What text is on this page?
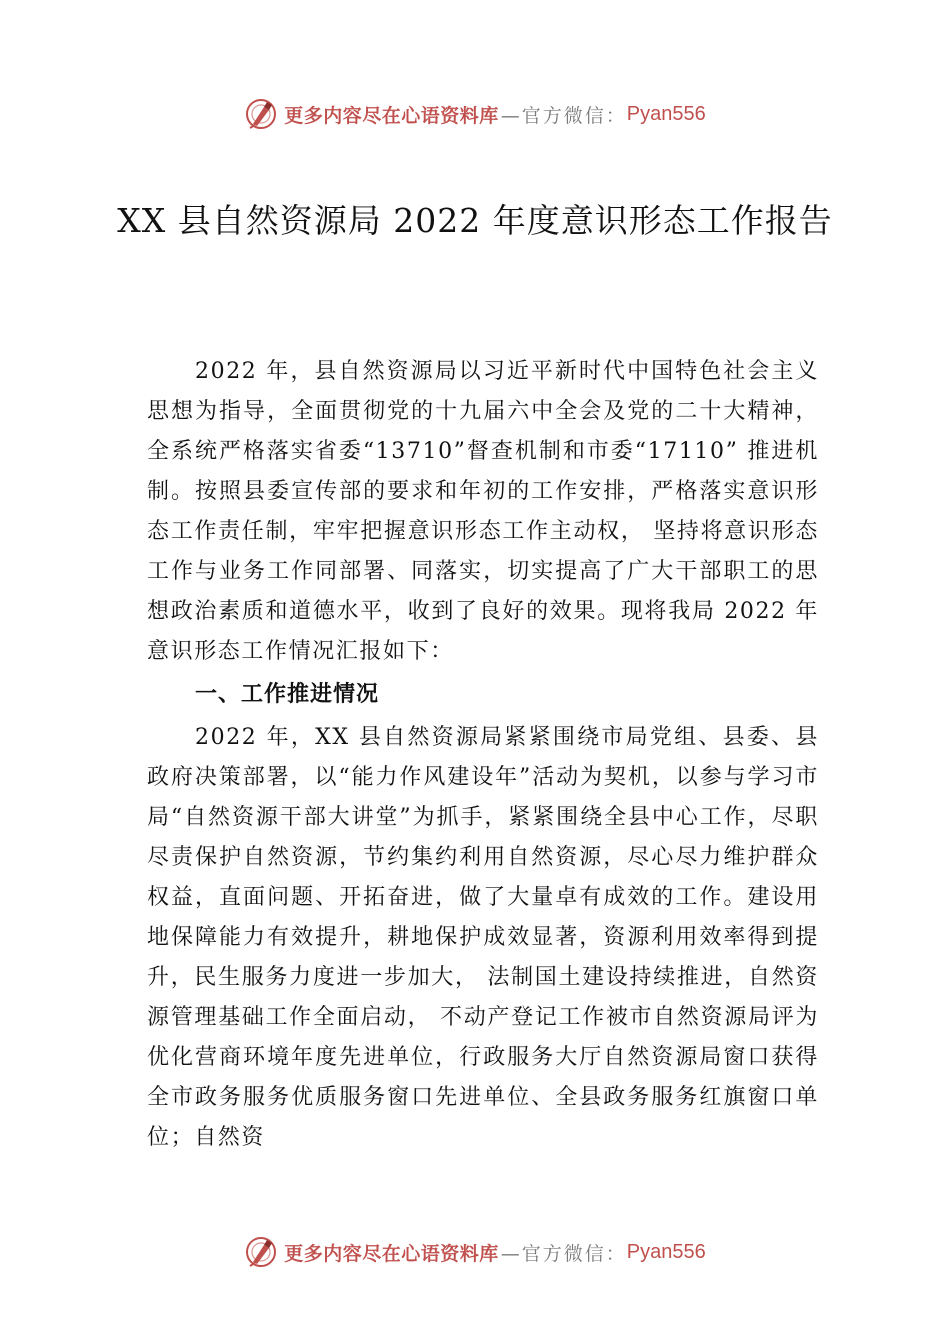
更多内容尽在心语资料库 —官方微信： Pyan556
XX 县自然资源局 2022 年度意识形态工作报告

2022 年，县自然资源局以习近平新时代中国特色社会主义思想为指导，全面贯彻党的十九届六中全会及党的二十大精神，全系统严格落实省委“13710”督查机制和市委“17110” 推进机制。按照县委宣传部的要求和年初的工作安排，严格落实意识形态工作责任制，牢牢把握意识形态工作主动权， 坚持将意识形态工作与业务工作同部署、同落实，切实提高了广大干部职工的思想政治素质和道德水平，收到了良好的效果。现将我局 2022 年意识形态工作情况汇报如下：

一、工作推进情况

2022 年，XX 县自然资源局紧紧围绕市局党组、县委、县政府决策部署，以“能力作风建设年”活动为契机，以参与学习市局“自然资源干部大讲堂”为抓手，紧紧围绕全县中心工作，尽职尽责保护自然资源，节约集约利用自然资源，尽心尽力维护群众权益，直面问题、开拓奋进，做了大量卓有成效的工作。建设用地保障能力有效提升，耕地保护成效显著，资源利用效率得到提升，民生服务力度进一步加大， 法制国土建设持续推进，自然资源管理基础工作全面启动， 不动产登记工作被市自然资源局评为优化营商环境年度先进单位，行政服务大厅自然资源局窗口获得全市政务服务优质服务窗口先进单位、全县政务服务红旗窗口单位；自然资

更多内容尽在心语资料库 —官方微信： Pyan556
